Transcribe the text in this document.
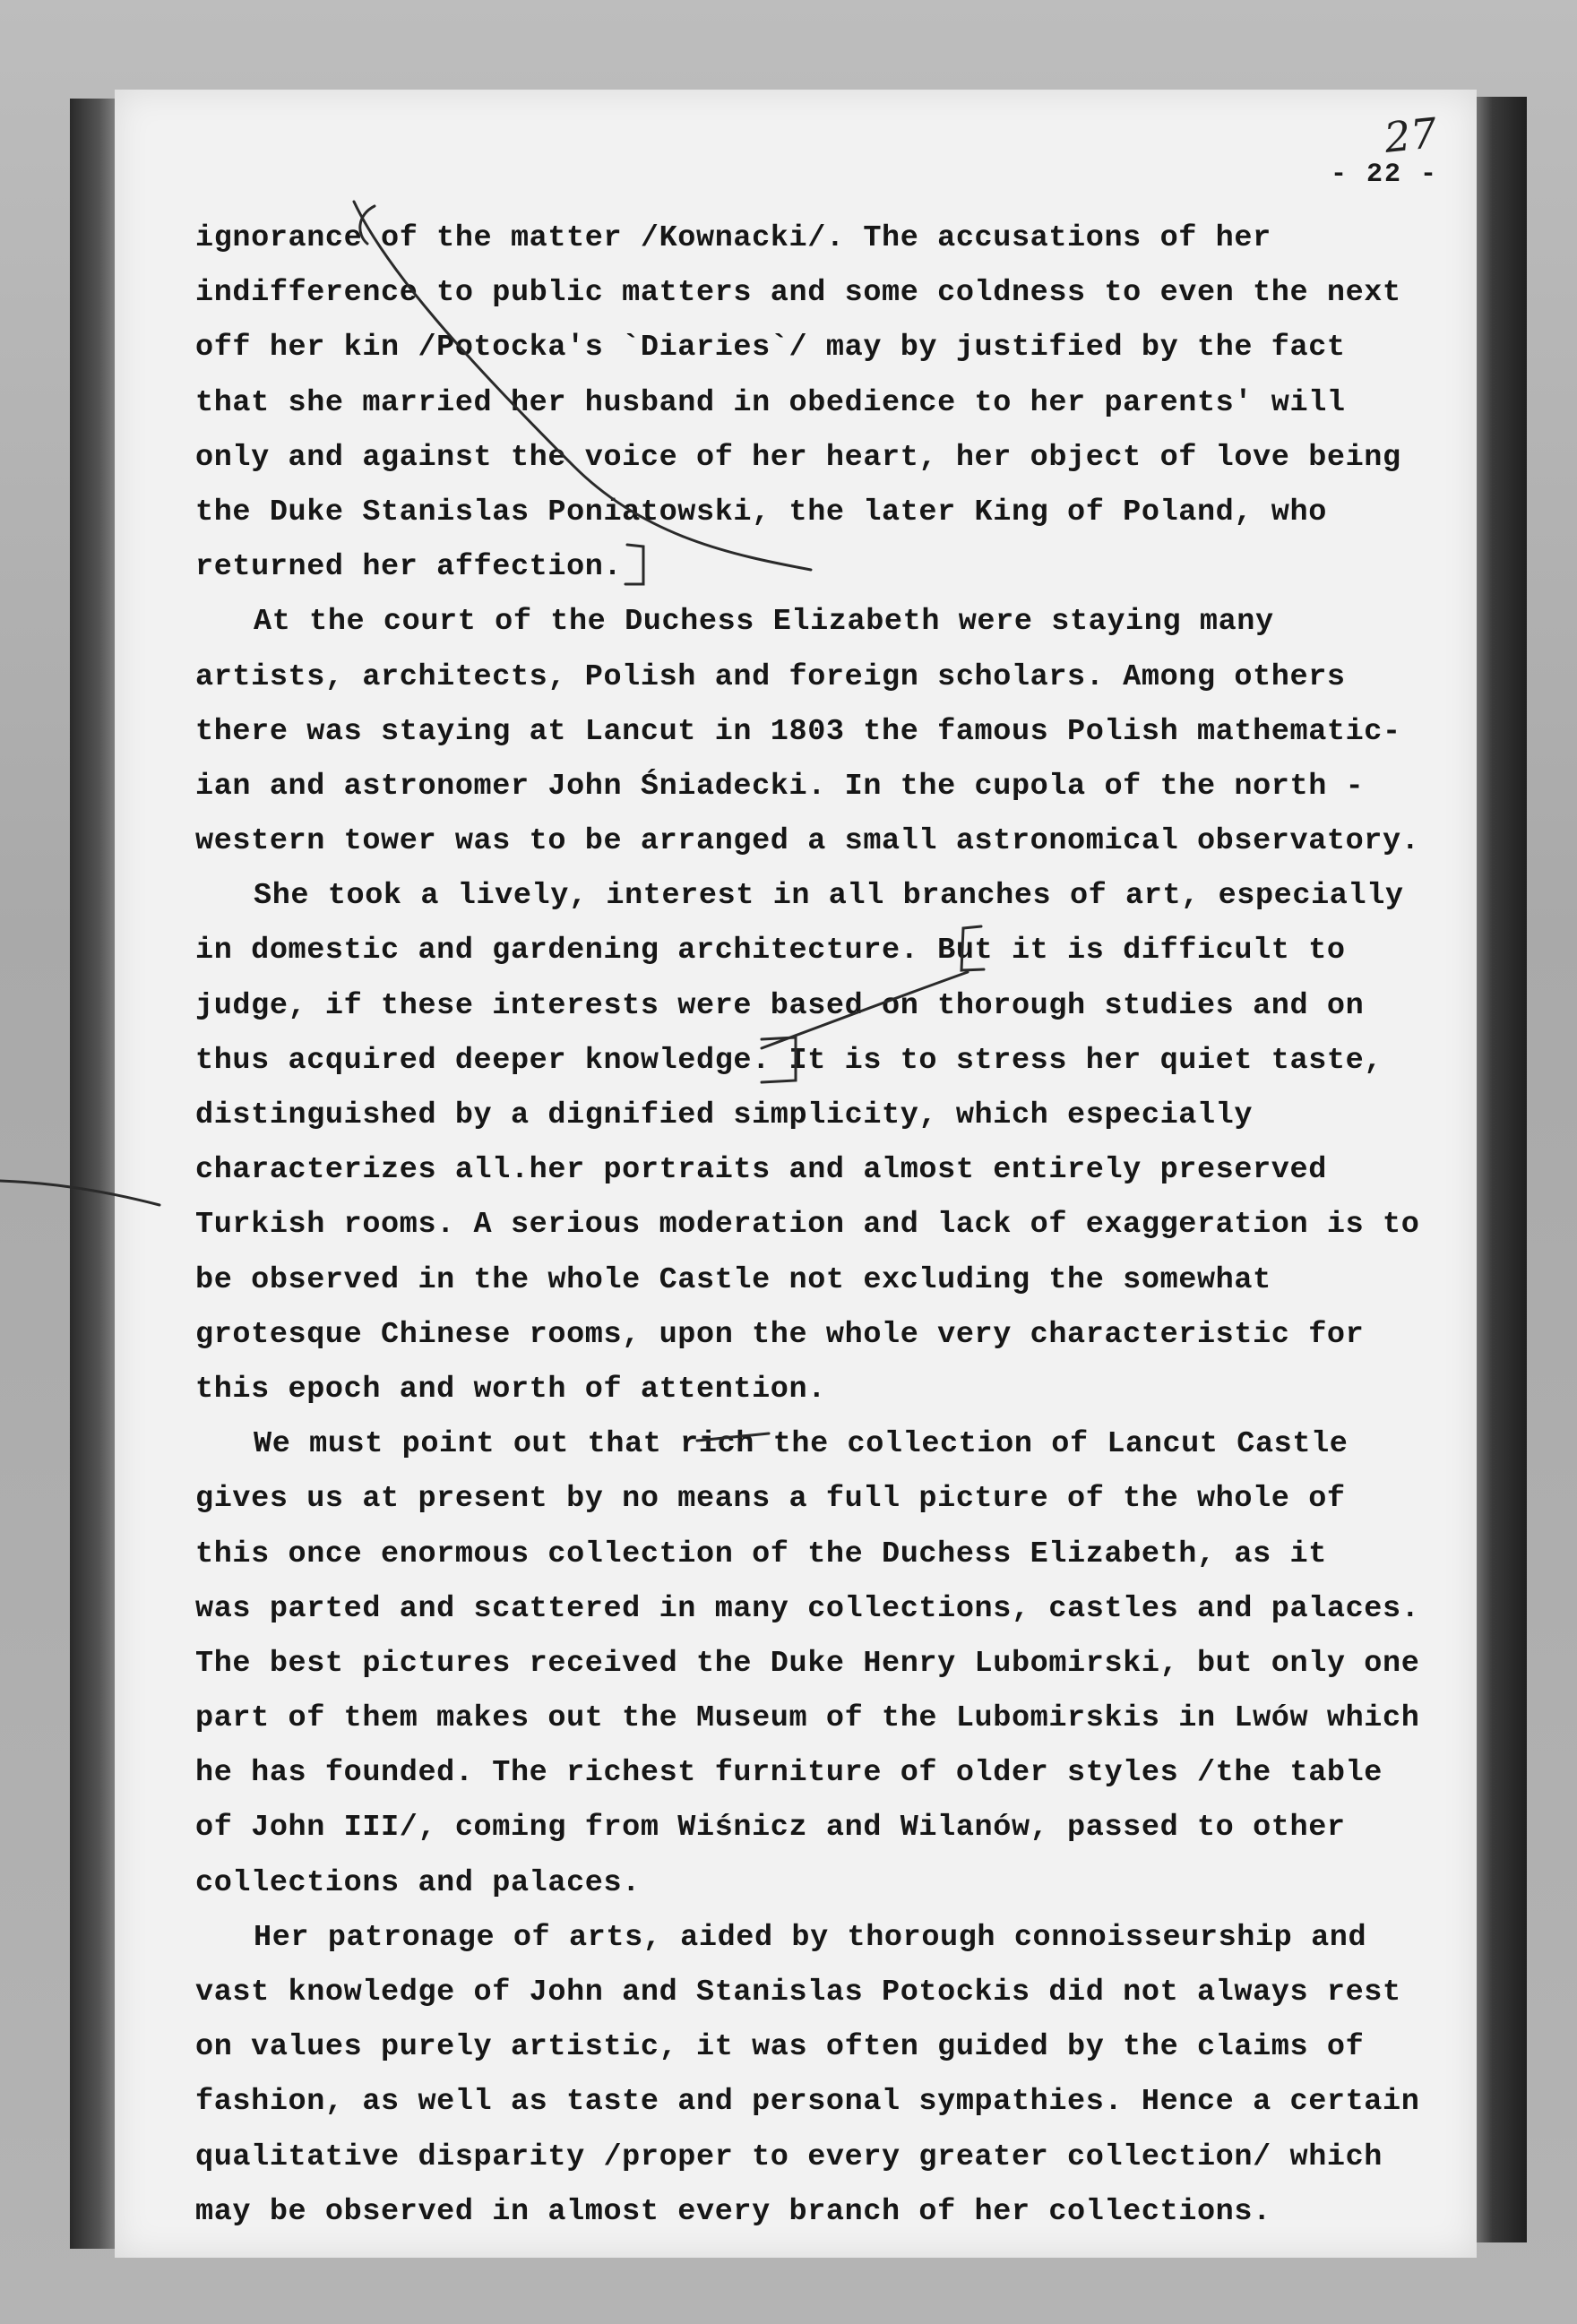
27
- 22 -
ignorance of the matter /Kownacki/. The accusations of her
indifference to public matters and some coldness to even the next
off her kin /Potocka's `Diaries`/ may by justified by the fact
that she married her husband in obedience to her parents' will
only and against the voice of her heart, her object of love being
the Duke Stanislas Poniatowski, the later King of Poland, who
returned her affection.
At the court of the Duchess Elizabeth were staying many
artists, architects, Polish and foreign scholars. Among others
there was staying at Lancut in 1803 the famous Polish mathematic-
ian and astronomer John Śniadecki. In the cupola of the north -
western tower was to be arranged a small astronomical observatory.
She took a lively, interest in all branches of art, especially
in domestic and gardening architecture. But it is difficult to
judge, if these interests were based on thorough studies and on
thus acquired deeper knowledge. It is to stress her quiet taste,
distinguished by a dignified simplicity, which especially
characterizes all.her portraits and almost entirely preserved
Turkish rooms. A serious moderation and lack of exaggeration is to
be observed in the whole Castle not excluding the somewhat
grotesque Chinese rooms, upon the whole very characteristic for
this epoch and worth of attention.
We must point out that rich the collection of Lancut Castle
gives us at present by no means a full picture of the whole of
this once enormous collection of the Duchess Elizabeth, as it
was parted and scattered in many collections, castles and palaces.
The best pictures received the Duke Henry Lubomirski, but only one
part of them makes out the Museum of the Lubomirskis in Lwów which
he has founded. The richest furniture of older styles /the table
of John III/, coming from Wiśnicz and Wilanów, passed to other
collections and palaces.
Her patronage of arts, aided by thorough connoisseurship and
vast knowledge of John and Stanislas Potockis did not always rest
on values purely artistic, it was often guided by the claims of
fashion, as well as taste and personal sympathies. Hence a certain
qualitative disparity /proper to every greater collection/ which
may be observed in almost every branch of her collections.
